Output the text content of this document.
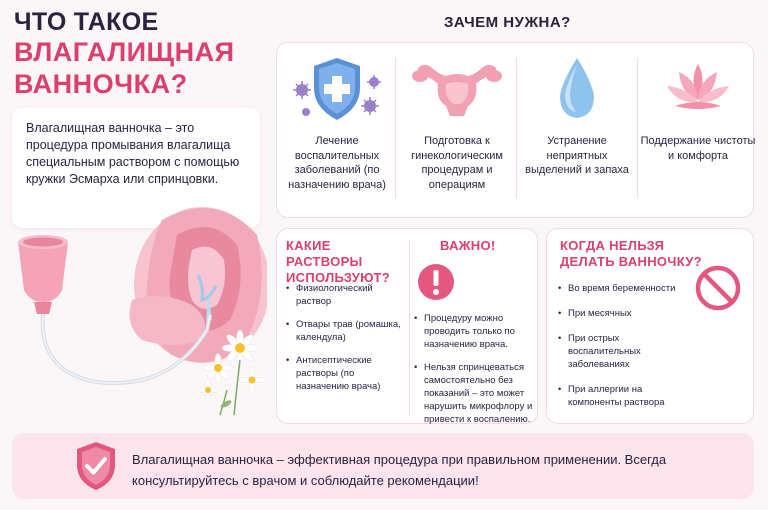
ЧТО ТАКОЕ
ВЛАГАЛИЩНАЯ
ВАННОЧКА?
Влагалищная ванночка – это процедура промывания влагалища специальным раствором с помощью кружки Эсмарха или спринцовки.
ЗАЧЕМ НУЖНА?
Лечение воспалительных заболеваний (по назначению врача)
Подготовка к гинекологическим процедурам и операциям
Устранение неприятных выделений и запаха
Поддержание чистоты и комфорта
КАКИЕ РАСТВОРЫ ИСПОЛЬЗУЮТ?
• Физиологический раствор
• Отвары трав (ромашка, календула)
• Антисептические растворы (по назначению врача)
ВАЖНО!
• Процедуру можно проводить только по назначению врача.
• Нельзя спринцеваться самостоятельно без показаний – это может нарушить микрофлору и привести к воспалению.
КОГДА НЕЛЬЗЯ ДЕЛАТЬ ВАННОЧКУ?
• Во время беременности
• При месячных
• При острых воспалительных заболеваниях
• При аллергии на компоненты раствора
Влагалищная ванночка – эффективная процедура при правильном применении. Всегда консультируйтесь с врачом и соблюдайте рекомендации!
